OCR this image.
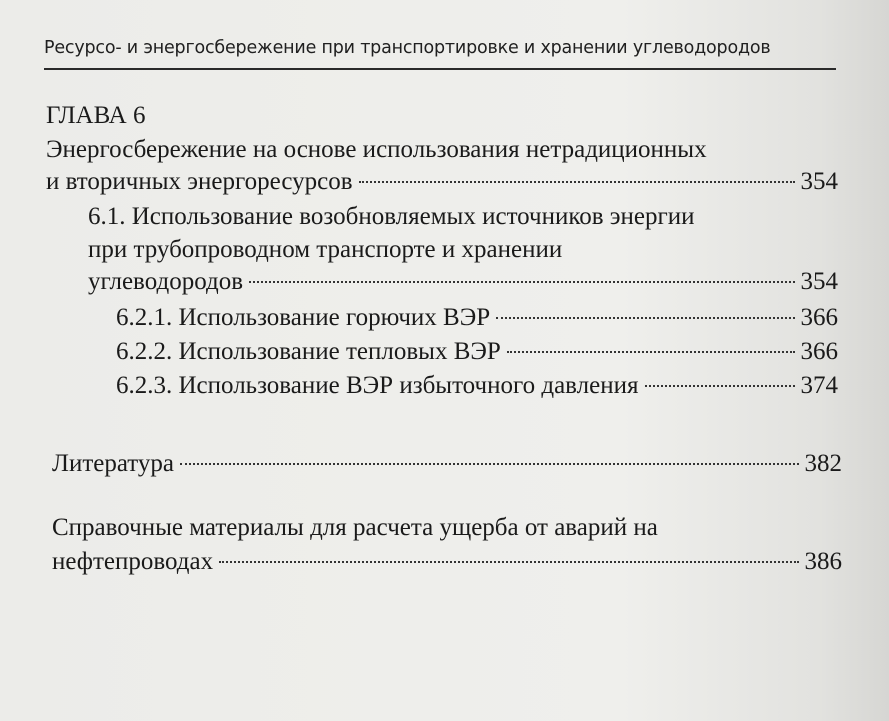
Ресурсо- и энергосбережение при транспортировке и хранении углеводородов
ГЛАВА 6
Энергосбережение на основе использования нетрадиционных
и вторичных энергоресурсов	354
6.1. Использование возобновляемых источников энергии
при трубопроводном транспорте и хранении
углеводородов	354
6.2.1. Использование горючих ВЭР	366
6.2.2. Использование тепловых ВЭР	366
6.2.3. Использование ВЭР избыточного давления	374
Литература	382
Справочные материалы для расчета ущерба от аварий на
нефтепроводах	386
